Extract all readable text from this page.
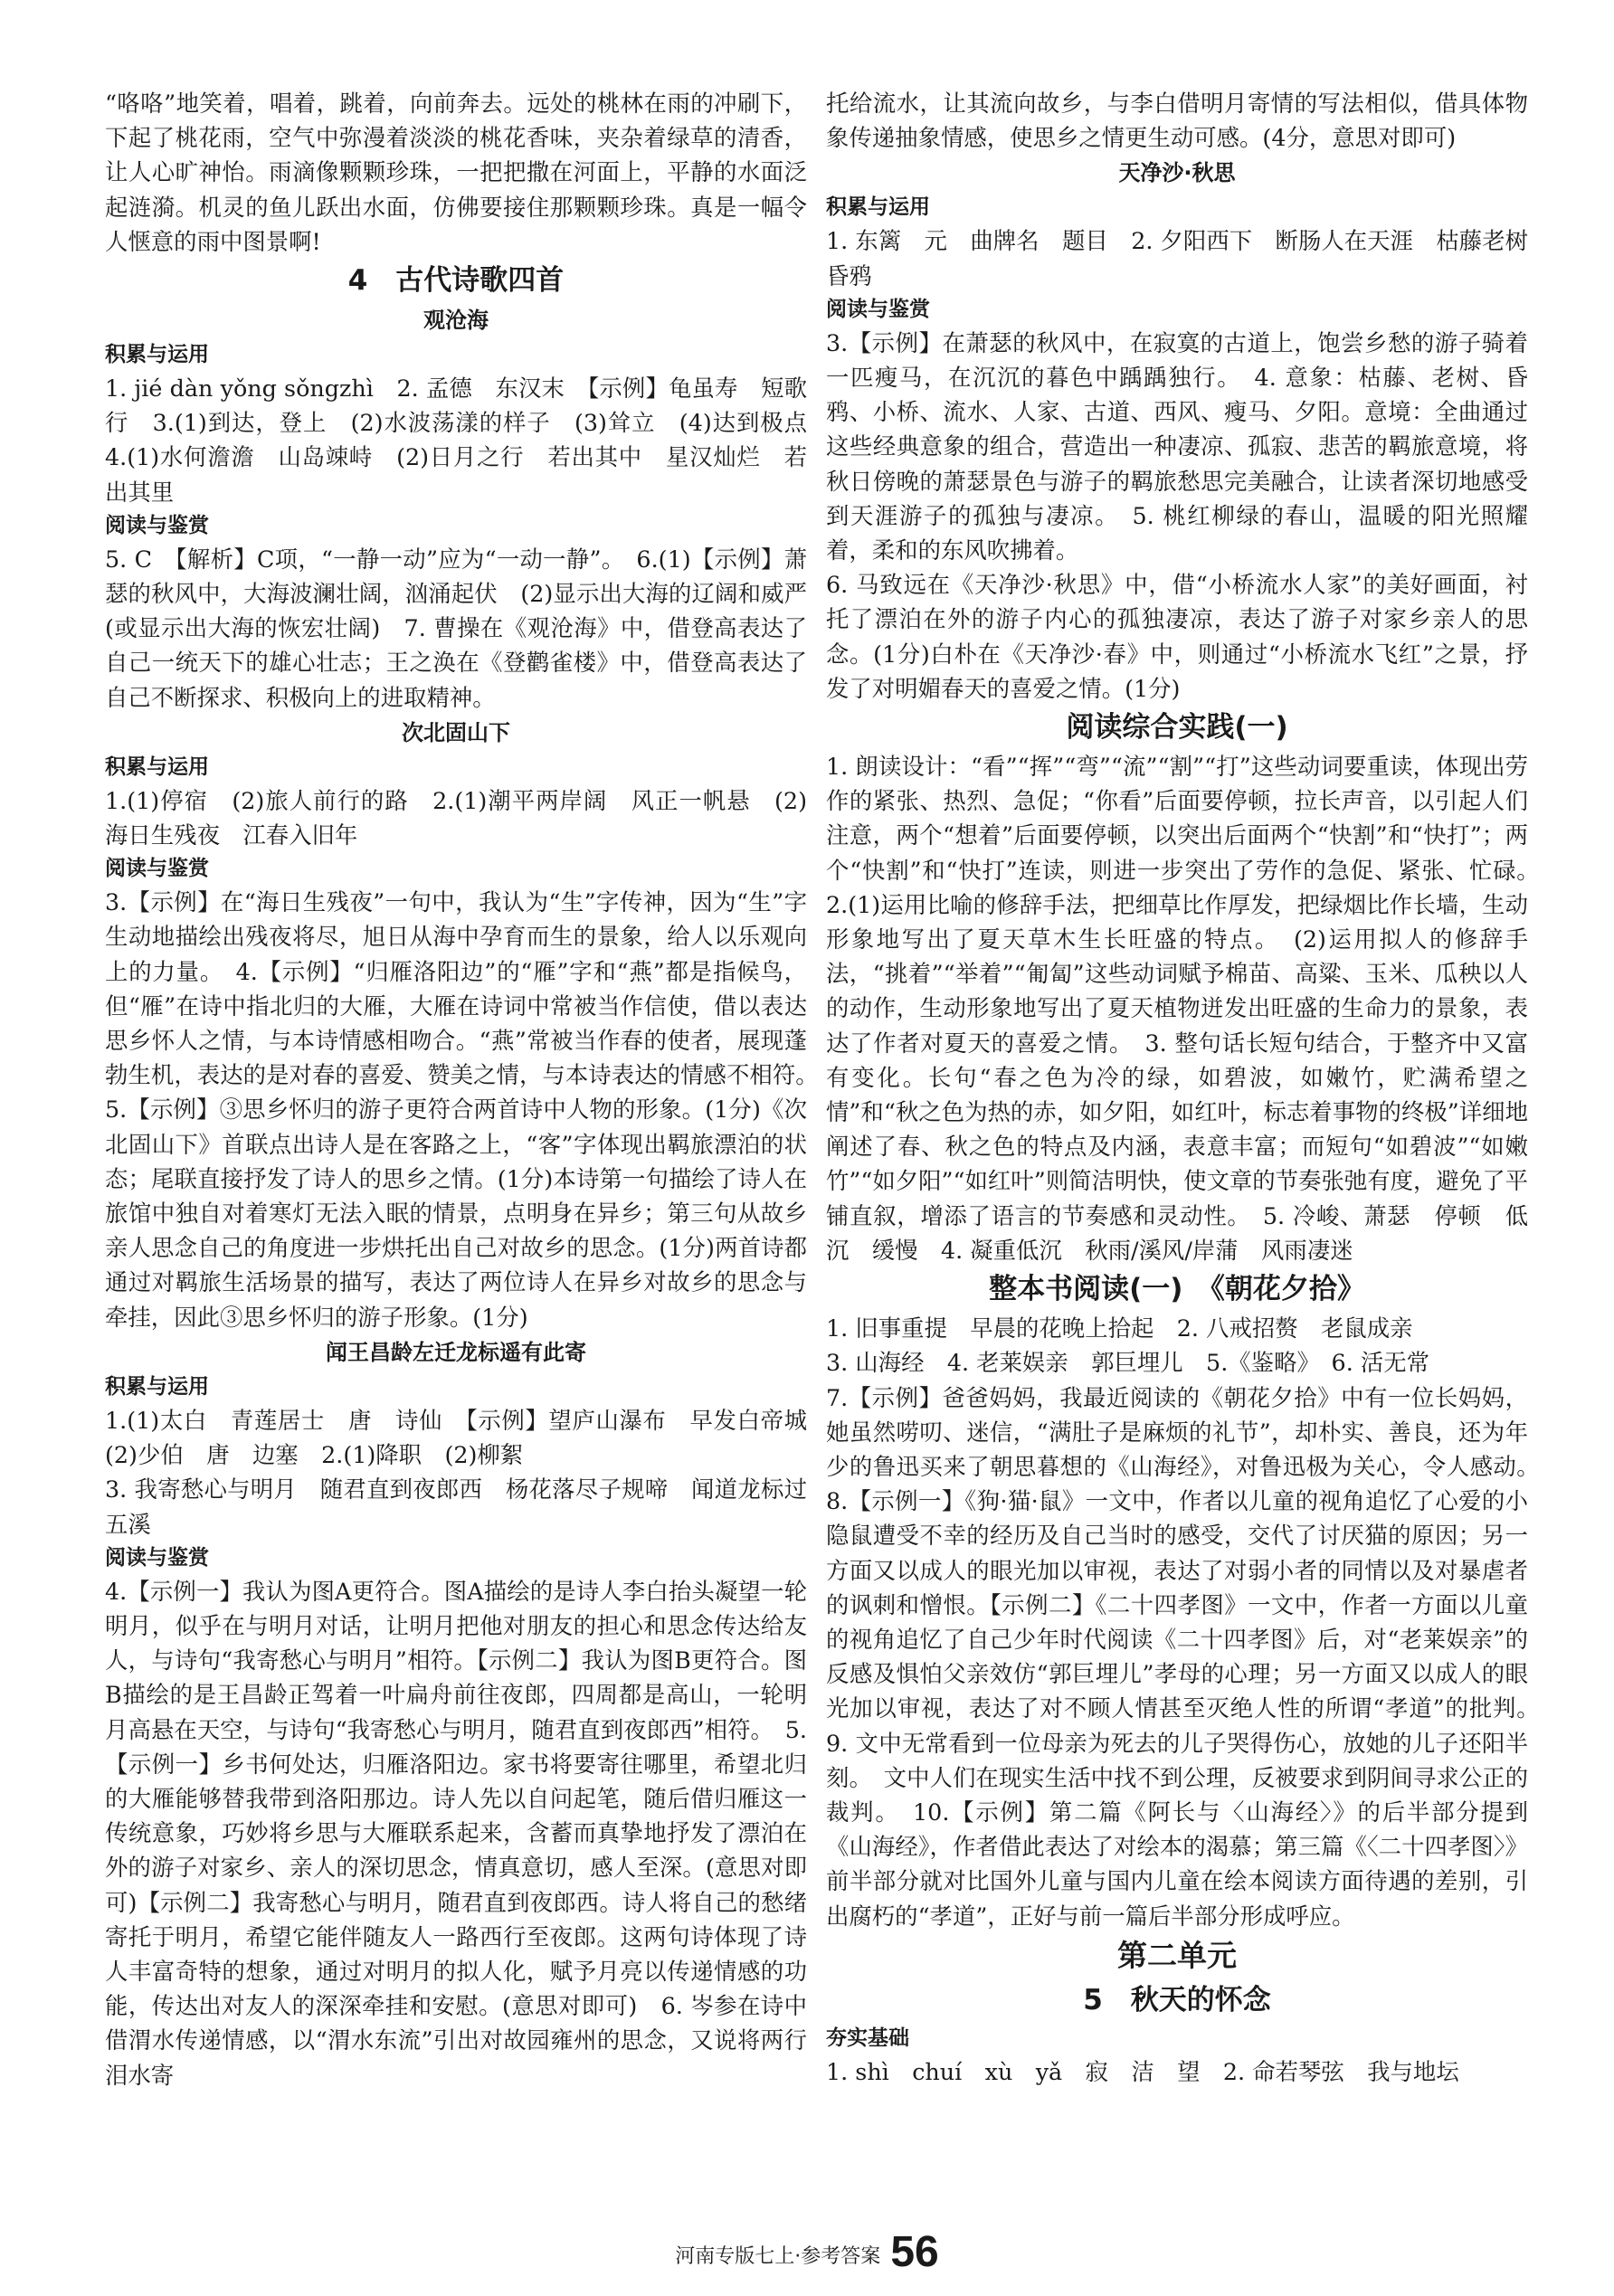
“咯咯”地笑着，唱着，跳着，向前奔去。远处的桃林在雨的冲刷下，下起了桃花雨，空气中弥漫着淡淡的桃花香味，夹杂着绿草的清香，让人心旷神怡。雨滴像颗颗珍珠，一把把撒在河面上，平静的水面泛起涟漪。机灵的鱼儿跃出水面，仿佛要接住那颗颗珍珠。真是一幅令人惬意的雨中图景啊!

4　古代诗歌四首
观沧海
积累与运用

1. jié dàn yǒng sǒngzhì　2. 孟德　东汉末　【示例】龟虽寿　短歌行　3.(1)到达，登上　(2)水波荡漾的样子　(3)耸立　(4)达到极点　4.(1)水何澹澹　山岛竦峙　(2)日月之行　若出其中　星汉灿烂　若出其里

阅读与鉴赏

5. C　【解析】C项，“一静一动”应为“一动一静”。　6.(1)【示例】萧瑟的秋风中，大海波澜壮阔，汹涌起伏　(2)显示出大海的辽阔和威严(或显示出大海的恢宏壮阔)　7. 曹操在《观沧海》中，借登高表达了自己一统天下的雄心壮志；王之涣在《登鹳雀楼》中，借登高表达了自己不断探求、积极向上的进取精神。

次北固山下
积累与运用

1.(1)停宿　(2)旅人前行的路　2.(1)潮平两岸阔　风正一帆悬　(2)海日生残夜　江春入旧年

阅读与鉴赏

3.【示例】在“海日生残夜”一句中，我认为“生”字传神，因为“生”字生动地描绘出残夜将尽，旭日从海中孕育而生的景象，给人以乐观向上的力量。　4.【示例】“归雁洛阳边”的“雁”字和“燕”都是指候鸟，但“雁”在诗中指北归的大雁，大雁在诗词中常被当作信使，借以表达思乡怀人之情，与本诗情感相吻合。“燕”常被当作春的使者，展现蓬勃生机，表达的是对春的喜爱、赞美之情，与本诗表达的情感不相符。　5.【示例】③思乡怀归的游子更符合两首诗中人物的形象。(1分)《次北固山下》首联点出诗人是在客路之上，“客”字体现出羁旅漂泊的状态；尾联直接抒发了诗人的思乡之情。(1分)本诗第一句描绘了诗人在旅馆中独自对着寒灯无法入眠的情景，点明身在异乡；第三句从故乡亲人思念自己的角度进一步烘托出自己对故乡的思念。(1分)两首诗都通过对羁旅生活场景的描写，表达了两位诗人在异乡对故乡的思念与牵挂，因此③思乡怀归的游子形象。(1分)

闻王昌龄左迁龙标遥有此寄
积累与运用

1.(1)太白　青莲居士　唐　诗仙　【示例】望庐山瀑布　早发白帝城　(2)少伯　唐　边塞　2.(1)降职　(2)柳絮

3. 我寄愁心与明月　随君直到夜郎西　杨花落尽子规啼　闻道龙标过五溪

阅读与鉴赏

4.【示例一】我认为图A更符合。图A描绘的是诗人李白抬头凝望一轮明月，似乎在与明月对话，让明月把他对朋友的担心和思念传达给友人，与诗句“我寄愁心与明月”相符。【示例二】我认为图B更符合。图B描绘的是王昌龄正驾着一叶扁舟前往夜郎，四周都是高山，一轮明月高悬在天空，与诗句“我寄愁心与明月，随君直到夜郎西”相符。　5.【示例一】乡书何处达，归雁洛阳边。家书将要寄往哪里，希望北归的大雁能够替我带到洛阳那边。诗人先以自问起笔，随后借归雁这一传统意象，巧妙将乡思与大雁联系起来，含蓄而真挚地抒发了漂泊在外的游子对家乡、亲人的深切思念，情真意切，感人至深。(意思对即可)【示例二】我寄愁心与明月，随君直到夜郎西。诗人将自己的愁绪寄托于明月，希望它能伴随友人一路西行至夜郎。这两句诗体现了诗人丰富奇特的想象，通过对明月的拟人化，赋予月亮以传递情感的功能，传达出对友人的深深牵挂和安慰。(意思对即可)　6. 岑参在诗中借渭水传递情感，以“渭水东流”引出对故园雍州的思念，又说将两行泪水寄

托给流水，让其流向故乡，与李白借明月寄情的写法相似，借具体物象传递抽象情感，使思乡之情更生动可感。(4分，意思对即可)

天净沙·秋思
积累与运用

1. 东篱　元　曲牌名　题目　2. 夕阳西下　断肠人在天涯　枯藤老树昏鸦

阅读与鉴赏

3.【示例】在萧瑟的秋风中，在寂寞的古道上，饱尝乡愁的游子骑着一匹瘦马，在沉沉的暮色中踽踽独行。　4. 意象：枯藤、老树、昏鸦、小桥、流水、人家、古道、西风、瘦马、夕阳。意境：全曲通过这些经典意象的组合，营造出一种凄凉、孤寂、悲苦的羁旅意境，将秋日傍晚的萧瑟景色与游子的羁旅愁思完美融合，让读者深切地感受到天涯游子的孤独与凄凉。　5. 桃红柳绿的春山，温暖的阳光照耀着，柔和的东风吹拂着。

6. 马致远在《天净沙·秋思》中，借“小桥流水人家”的美好画面，衬托了漂泊在外的游子内心的孤独凄凉，表达了游子对家乡亲人的思念。(1分)白朴在《天净沙·春》中，则通过“小桥流水飞红”之景，抒发了对明媚春天的喜爱之情。(1分)

阅读综合实践(一)

1. 朗读设计：“看”“挥”“弯”“流”“割”“打”这些动词要重读，体现出劳作的紧张、热烈、急促；“你看”后面要停顿，拉长声音，以引起人们注意，两个“想着”后面要停顿，以突出后面两个“快割”和“快打”；两个“快割”和“快打”连读，则进一步突出了劳作的急促、紧张、忙碌。　2.(1)运用比喻的修辞手法，把细草比作厚发，把绿烟比作长墙，生动形象地写出了夏天草木生长旺盛的特点。　(2)运用拟人的修辞手法，“挑着”“举着”“匍匐”这些动词赋予棉苗、高粱、玉米、瓜秧以人的动作，生动形象地写出了夏天植物迸发出旺盛的生命力的景象，表达了作者对夏天的喜爱之情。　3. 整句话长短句结合，于整齐中又富有变化。长句“春之色为冷的绿，如碧波，如嫩竹，贮满希望之情”和“秋之色为热的赤，如夕阳，如红叶，标志着事物的终极”详细地阐述了春、秋之色的特点及内涵，表意丰富；而短句“如碧波”“如嫩竹”“如夕阳”“如红叶”则简洁明快，使文章的节奏张弛有度，避免了平铺直叙，增添了语言的节奏感和灵动性。　5. 冷峻、萧瑟　停顿　低沉　缓慢　4. 凝重低沉　秋雨/溪风/岸蒲　风雨凄迷

整本书阅读(一)　《朝花夕拾》

1. 旧事重提　早晨的花晚上拾起　2. 八戒招赘　老鼠成亲

3. 山海经　4. 老莱娱亲　郭巨埋儿　5.《鉴略》　6. 活无常

7.【示例】爸爸妈妈，我最近阅读的《朝花夕拾》中有一位长妈妈，她虽然唠叨、迷信，“满肚子是麻烦的礼节”，却朴实、善良，还为年少的鲁迅买来了朝思暮想的《山海经》，对鲁迅极为关心，令人感动。　8.【示例一】《狗·猫·鼠》一文中，作者以儿童的视角追忆了心爱的小隐鼠遭受不幸的经历及自己当时的感受，交代了讨厌猫的原因；另一方面又以成人的眼光加以审视，表达了对弱小者的同情以及对暴虐者的讽刺和憎恨。【示例二】《二十四孝图》一文中，作者一方面以儿童的视角追忆了自己少年时代阅读《二十四孝图》后，对“老莱娱亲”的反感及惧怕父亲效仿“郭巨埋儿”孝母的心理；另一方面又以成人的眼光加以审视，表达了对不顾人情甚至灭绝人性的所谓“孝道”的批判。　9. 文中无常看到一位母亲为死去的儿子哭得伤心，放她的儿子还阳半刻。　文中人们在现实生活中找不到公理，反被要求到阴间寻求公正的裁判。　10.【示例】第二篇《阿长与〈山海经〉》的后半部分提到《山海经》，作者借此表达了对绘本的渴慕；第三篇《〈二十四孝图〉》前半部分就对比国外儿童与国内儿童在绘本阅读方面待遇的差别，引出腐朽的“孝道”，正好与前一篇后半部分形成呼应。

第二单元
5　秋天的怀念
夯实基础

1. shì　chuí　xù　yǎ　寂　洁　望　2. 命若琴弦　我与地坛

河南专版七上·参考答案 56
